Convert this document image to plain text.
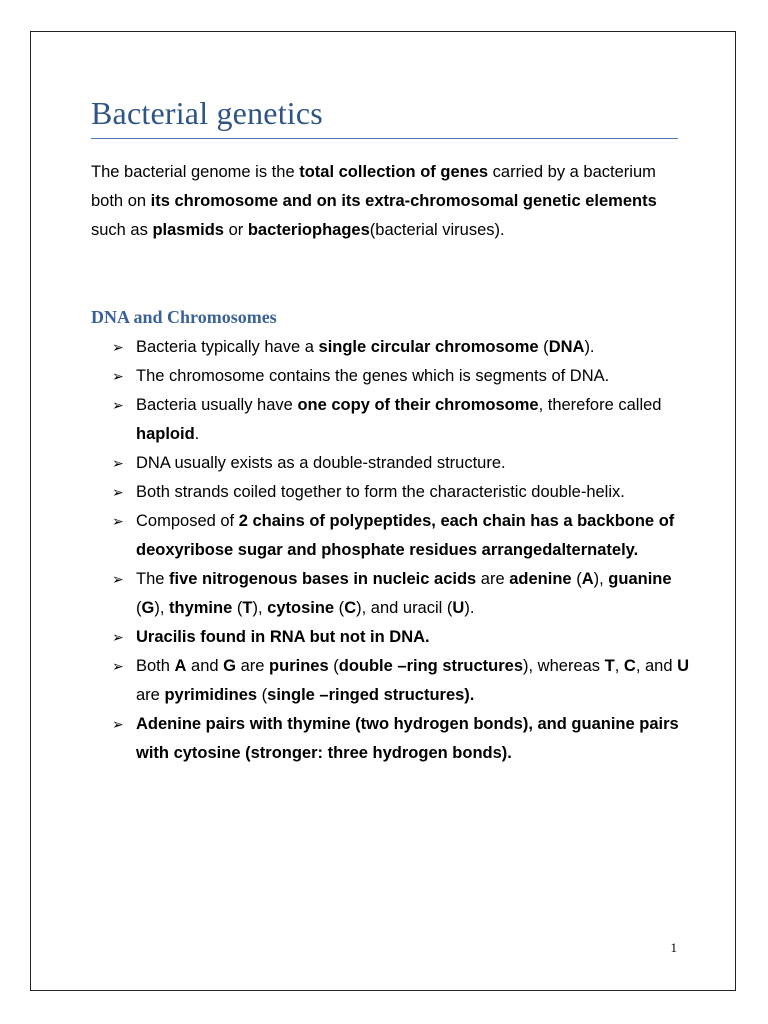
Bacterial genetics

The bacterial genome is the total collection of genes carried by a bacterium both on its chromosome and on its extra-chromosomal genetic elements such as plasmids or bacteriophages(bacterial viruses).

DNA and Chromosomes
➢ Bacteria typically have a single circular chromosome (DNA).
➢ The chromosome contains the genes which is segments of DNA.
➢ Bacteria usually have one copy of their chromosome, therefore called haploid.
➢ DNA usually exists as a double-stranded structure.
➢ Both strands coiled together to form the characteristic double-helix.
➢ Composed of 2 chains of polypeptides, each chain has a backbone of deoxyribose sugar and phosphate residues arrangedalternately.
➢ The five nitrogenous bases in nucleic acids are adenine (A), guanine (G), thymine (T), cytosine (C), and uracil (U).
➢ Uracilis found in RNA but not in DNA.
➢ Both A and G are purines (double –ring structures), whereas T, C, and U are pyrimidines (single –ringed structures).
➢ Adenine pairs with thymine (two hydrogen bonds), and guanine pairs with cytosine (stronger: three hydrogen bonds).
1
